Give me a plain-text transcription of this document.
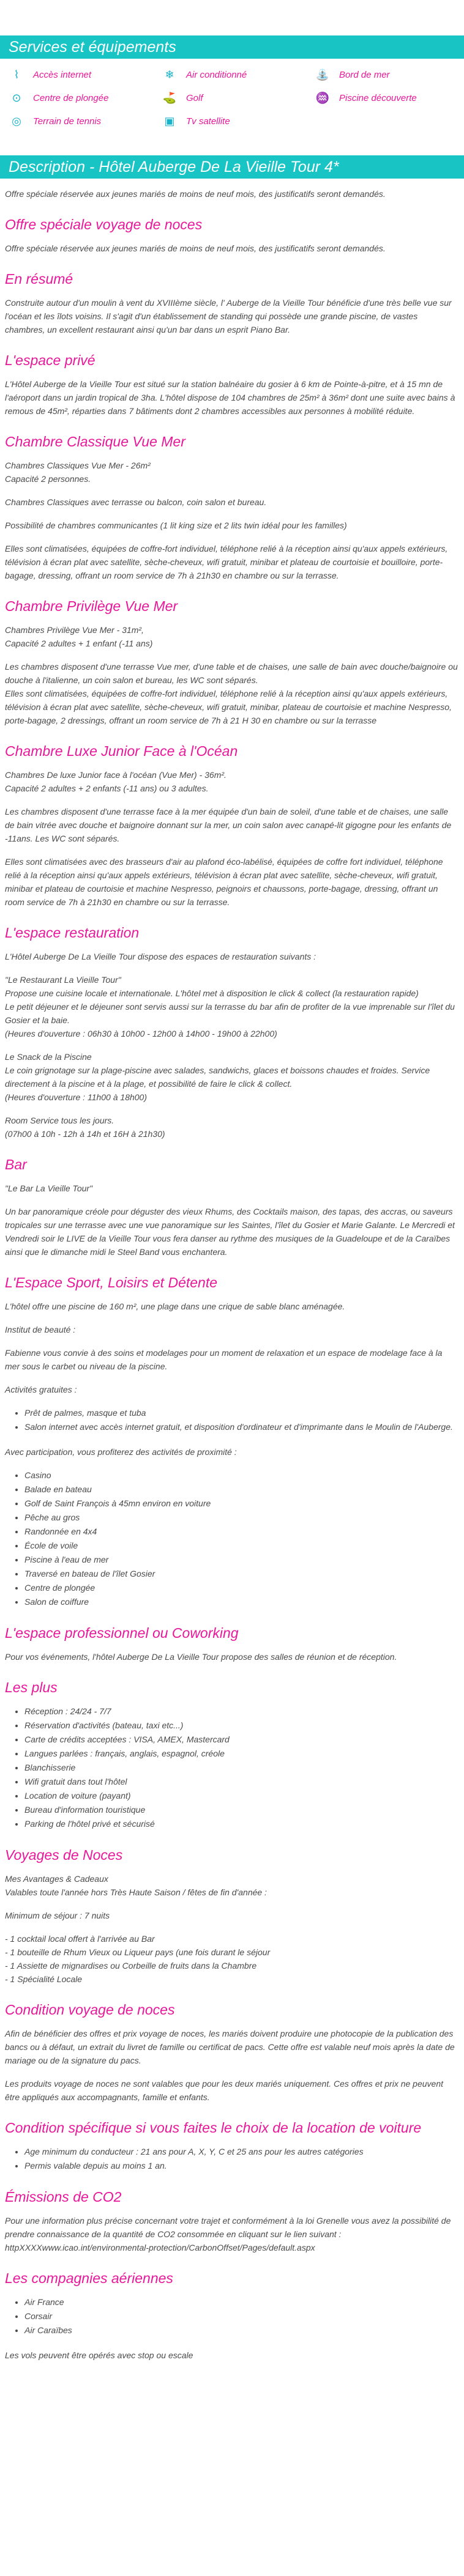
Services et équipements
⌇	Accès internet	❄	Air conditionné	⛲ Bord de mer
⊙	Centre de plongée	⛳ Golf	♒ Piscine découverte
◎	Terrain de tennis	▣	Tv satellite
Description - Hôtel Auberge De La Vieille Tour 4*

Offre spéciale réservée aux jeunes mariés de moins de neuf mois, des justificatifs seront demandés.

Offre spéciale voyage de noces

Offre spéciale réservée aux jeunes mariés de moins de neuf mois, des justificatifs seront demandés.

En résumé

Construite autour d'un moulin à vent du XVIIIème siècle, l' Auberge de la Vieille Tour bénéficie d'une très belle vue sur l'océan et les îlots voisins. Il s'agit d'un établissement de standing qui possède une grande piscine, de vastes chambres, un excellent restaurant ainsi qu'un bar dans un esprit Piano Bar.

L'espace privé

L'Hôtel Auberge de la Vieille Tour est situé sur la station balnéaire du gosier à 6 km de Pointe-à-pitre, et à 15 mn de l'aéroport dans un jardin tropical de 3ha. L'hôtel dispose de 104 chambres de 25m² à 36m² dont une suite avec bains à remous de 45m², réparties dans 7 bâtiments dont 2 chambres accessibles aux personnes à mobilité réduite.

Chambre Classique Vue Mer

Chambres Classiques Vue Mer - 26m²
Capacité 2 personnes.

Chambres Classiques avec terrasse ou balcon, coin salon et bureau.

Possibilité de chambres communicantes (1 lit king size et 2 lits twin idéal pour les familles)

Elles sont climatisées, équipées de coffre-fort individuel, téléphone relié à la réception ainsi qu'aux appels extérieurs, télévision à écran plat avec satellite, sèche-cheveux, wifi gratuit, minibar et plateau de courtoisie et bouilloire, porte-bagage, dressing, offrant un room service de 7h à 21h30 en chambre ou sur la terrasse.

Chambre Privilège Vue Mer

Chambres Privilège Vue Mer - 31m²,
Capacité 2 adultes + 1 enfant (-11 ans)

Les chambres disposent d'une terrasse Vue mer, d'une table et de chaises, une salle de bain avec douche/baignoire ou douche à l'italienne, un coin salon et bureau, les WC sont séparés.
Elles sont climatisées, équipées de coffre-fort individuel, téléphone relié à la réception ainsi qu'aux appels extérieurs, télévision à écran plat avec satellite, sèche-cheveux, wifi gratuit, minibar, plateau de courtoisie et machine Nespresso, porte-bagage, 2 dressings, offrant un room service de 7h à 21 H 30 en chambre ou sur la terrasse

Chambre Luxe Junior Face à l'Océan

Chambres De luxe Junior face à l'océan (Vue Mer) - 36m².
Capacité 2 adultes + 2 enfants (-11 ans) ou 3 adultes.

Les chambres disposent d'une terrasse face à la mer équipée d'un bain de soleil, d'une table et de chaises, une salle de bain vitrée avec douche et baignoire donnant sur la mer, un coin salon avec canapé-lit gigogne pour les enfants de -11ans. Les WC sont séparés.

Elles sont climatisées avec des brasseurs d'air au plafond éco-labélisé, équipées de coffre fort individuel, téléphone relié à la réception ainsi qu'aux appels extérieurs, télévision à écran plat avec satellite, sèche-cheveux, wifi gratuit, minibar et plateau de courtoisie et machine Nespresso, peignoirs et chaussons, porte-bagage, dressing, offrant un room service de 7h à 21h30 en chambre ou sur la terrasse.

L'espace restauration

L'Hôtel Auberge De La Vieille Tour dispose des espaces de restauration suivants :

"Le Restaurant La Vieille Tour"
Propose une cuisine locale et internationale. L'hôtel met à disposition le click & collect (la restauration rapide)
Le petit déjeuner et le déjeuner sont servis aussi sur la terrasse du bar afin de profiter de la vue imprenable sur l'îlet du Gosier et la baie.
(Heures d'ouverture : 06h30 à 10h00 - 12h00 à 14h00 - 19h00 à 22h00)

Le Snack de la Piscine
Le coin grignotage sur la plage-piscine avec salades, sandwichs, glaces et boissons chaudes et froides. Service directement à la piscine et à la plage, et possibilité de faire le click & collect.
(Heures d'ouverture : 11h00 à 18h00)

Room Service tous les jours.
(07h00 à 10h - 12h à 14h et 16H à 21h30)

Bar

"Le Bar La Vieille Tour"

Un bar panoramique créole pour déguster des vieux Rhums, des Cocktails maison, des tapas, des accras, ou saveurs tropicales sur une terrasse avec une vue panoramique sur les Saintes, l'îlet du Gosier et Marie Galante. Le Mercredi et Vendredi soir le LIVE de la Vieille Tour vous fera danser au rythme des musiques de la Guadeloupe et de la Caraïbes ainsi que le dimanche midi le Steel Band vous enchantera.

L'Espace Sport, Loisirs et Détente

L'hôtel offre une piscine de 160 m², une plage dans une crique de sable blanc aménagée.

Institut de beauté :

Fabienne vous convie à des soins et modelages pour un moment de relaxation et un espace de modelage face à la mer sous le carbet ou niveau de la piscine.

Activités gratuites :

• Prêt de palmes, masque et tuba
• Salon internet avec accès internet gratuit, et disposition d'ordinateur et d'imprimante dans le Moulin de l'Auberge.

Avec participation, vous profiterez des activités de proximité :

• Casino
• Balade en bateau
• Golf de Saint François à 45mn environ en voiture
• Pêche au gros
• Randonnée en 4x4
• École de voile
• Piscine à l'eau de mer
• Traversé en bateau de l'îlet Gosier
• Centre de plongée
• Salon de coiffure
L'espace professionnel ou Coworking

Pour vos événements, l'hôtel Auberge De La Vieille Tour propose des salles de réunion et de réception.

Les plus
• Réception : 24/24 - 7/7
• Réservation d'activités (bateau, taxi etc...)
• Carte de crédits acceptées : VISA, AMEX, Mastercard
• Langues parlées : français, anglais, espagnol, créole
• Blanchisserie
• Wifi gratuit dans tout l'hôtel
• Location de voiture (payant)
• Bureau d'information touristique
• Parking de l'hôtel privé et sécurisé
Voyages de Noces

Mes Avantages & Cadeaux
Valables toute l'année hors Très Haute Saison / fêtes de fin d'année :

Minimum de séjour : 7 nuits

- 1 cocktail local offert à l'arrivée au Bar
- 1 bouteille de Rhum Vieux ou Liqueur pays (une fois durant le séjour
- 1 Assiette de mignardises ou Corbeille de fruits dans la Chambre
- 1 Spécialité Locale

Condition voyage de noces

Afin de bénéficier des offres et prix voyage de noces, les mariés doivent produire une photocopie de la publication des bancs ou à défaut, un extrait du livret de famille ou certificat de pacs. Cette offre est valable neuf mois après la date de mariage ou de la signature du pacs.

Les produits voyage de noces ne sont valables que pour les deux mariés uniquement. Ces offres et prix ne peuvent être appliqués aux accompagnants, famille et enfants.

Condition spécifique si vous faites le choix de la location de voiture
• Age minimum du conducteur : 21 ans pour A, X, Y, C et 25 ans pour les autres catégories
• Permis valable depuis au moins 1 an.
Émissions de CO2

Pour une information plus précise concernant votre trajet et conformément à la loi Grenelle vous avez la possibilité de prendre connaissance de la quantité de CO2 consommée en cliquant sur le lien suivant :
httpXXXXwww.icao.int/environmental-protection/CarbonOffset/Pages/default.aspx

Les compagnies aériennes
• Air France
• Corsair
• Air Caraïbes

Les vols peuvent être opérés avec stop ou escale
